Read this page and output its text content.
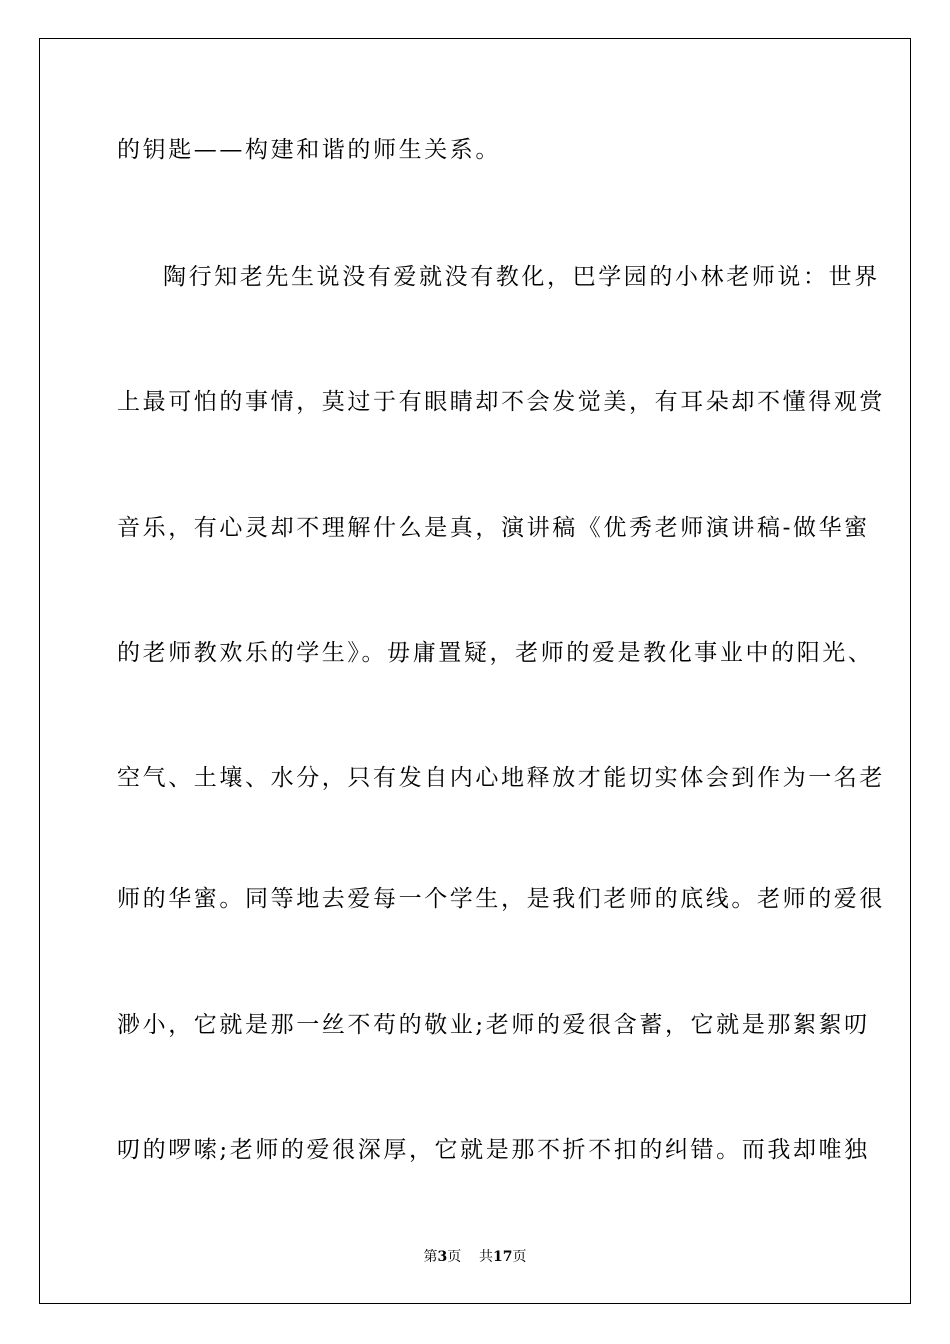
的钥匙——构建和谐的师生关系。
陶行知老先生说没有爱就没有教化，巴学园的小林老师说：世界
上最可怕的事情，莫过于有眼睛却不会发觉美，有耳朵却不懂得观赏
音乐，有心灵却不理解什么是真，演讲稿《优秀老师演讲稿-做华蜜
的老师教欢乐的学生》。毋庸置疑，老师的爱是教化事业中的阳光、
空气、土壤、水分，只有发自内心地释放才能切实体会到作为一名老
师的华蜜。同等地去爱每一个学生，是我们老师的底线。老师的爱很
渺小，它就是那一丝不苟的敬业;老师的爱很含蓄，它就是那絮絮叨
叨的啰嗦;老师的爱很深厚，它就是那不折不扣的纠错。而我却唯独
第3页 共17页
